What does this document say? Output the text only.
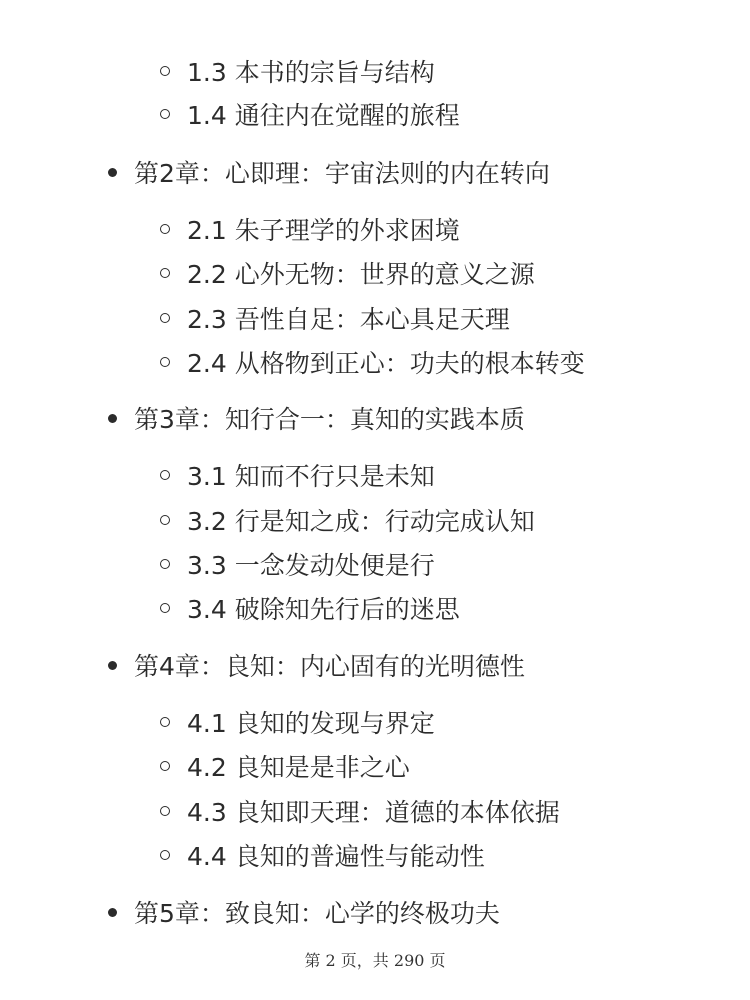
1.3 本书的宗旨与结构
1.4 通往内在觉醒的旅程
第2章：心即理：宇宙法则的内在转向
2.1 朱子理学的外求困境
2.2 心外无物：世界的意义之源
2.3 吾性自足：本心具足天理
2.4 从格物到正心：功夫的根本转变
第3章：知行合一：真知的实践本质
3.1 知而不行只是未知
3.2 行是知之成：行动完成认知
3.3 一念发动处便是行
3.4 破除知先行后的迷思
第4章：良知：内心固有的光明德性
4.1 良知的发现与界定
4.2 良知是是非之心
4.3 良知即天理：道德的本体依据
4.4 良知的普遍性与能动性
第5章：致良知：心学的终极功夫
第 2 页，共 290 页
